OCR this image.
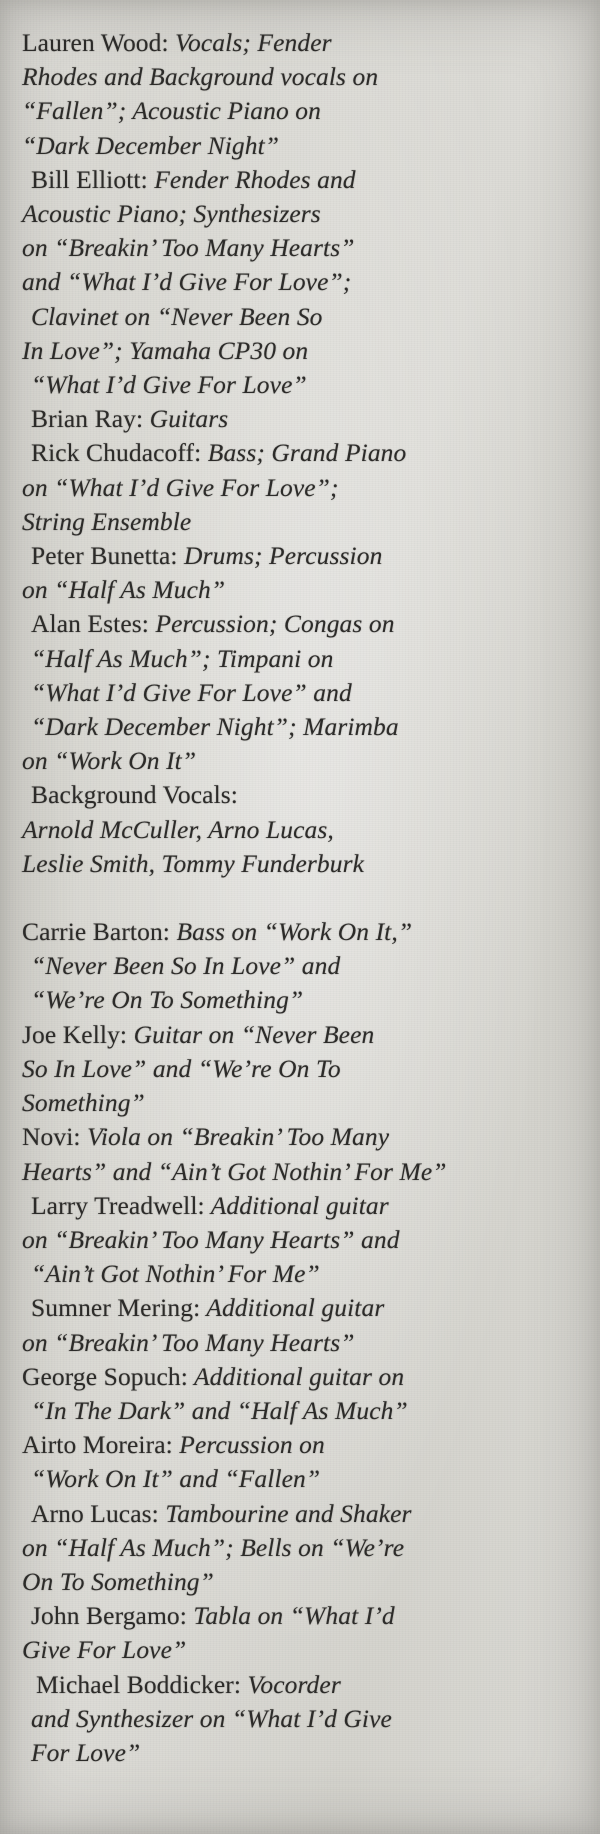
Lauren Wood: Vocals; Fender
Rhodes and Background vocals on
“Fallen”; Acoustic Piano on
“Dark December Night”
Bill Elliott: Fender Rhodes and
Acoustic Piano; Synthesizers
on “Breakin’ Too Many Hearts”
and “What I’d Give For Love”;
Clavinet on “Never Been So
In Love”; Yamaha CP30 on
“What I’d Give For Love”
Brian Ray: Guitars
Rick Chudacoff: Bass; Grand Piano
on “What I’d Give For Love”;
String Ensemble
Peter Bunetta: Drums; Percussion
on “Half As Much”
Alan Estes: Percussion; Congas on
“Half As Much”; Timpani on
“What I’d Give For Love” and
“Dark December Night”; Marimba
on “Work On It”
Background Vocals:
Arnold McCuller, Arno Lucas,
Leslie Smith, Tommy Funderburk
Carrie Barton: Bass on “Work On It,”
“Never Been So In Love” and
“We’re On To Something”
Joe Kelly: Guitar on “Never Been
So In Love” and “We’re On To
Something”
Novi: Viola on “Breakin’ Too Many
Hearts” and “Ain’t Got Nothin’ For Me”
Larry Treadwell: Additional guitar
on “Breakin’ Too Many Hearts” and
“Ain’t Got Nothin’ For Me”
Sumner Mering: Additional guitar
on “Breakin’ Too Many Hearts”
George Sopuch: Additional guitar on
“In The Dark” and “Half As Much”
Airto Moreira: Percussion on
“Work On It” and “Fallen”
Arno Lucas: Tambourine and Shaker
on “Half As Much”; Bells on “We’re
On To Something”
John Bergamo: Tabla on “What I’d
Give For Love”
Michael Boddicker: Vocorder
and Synthesizer on “What I’d Give
For Love”
